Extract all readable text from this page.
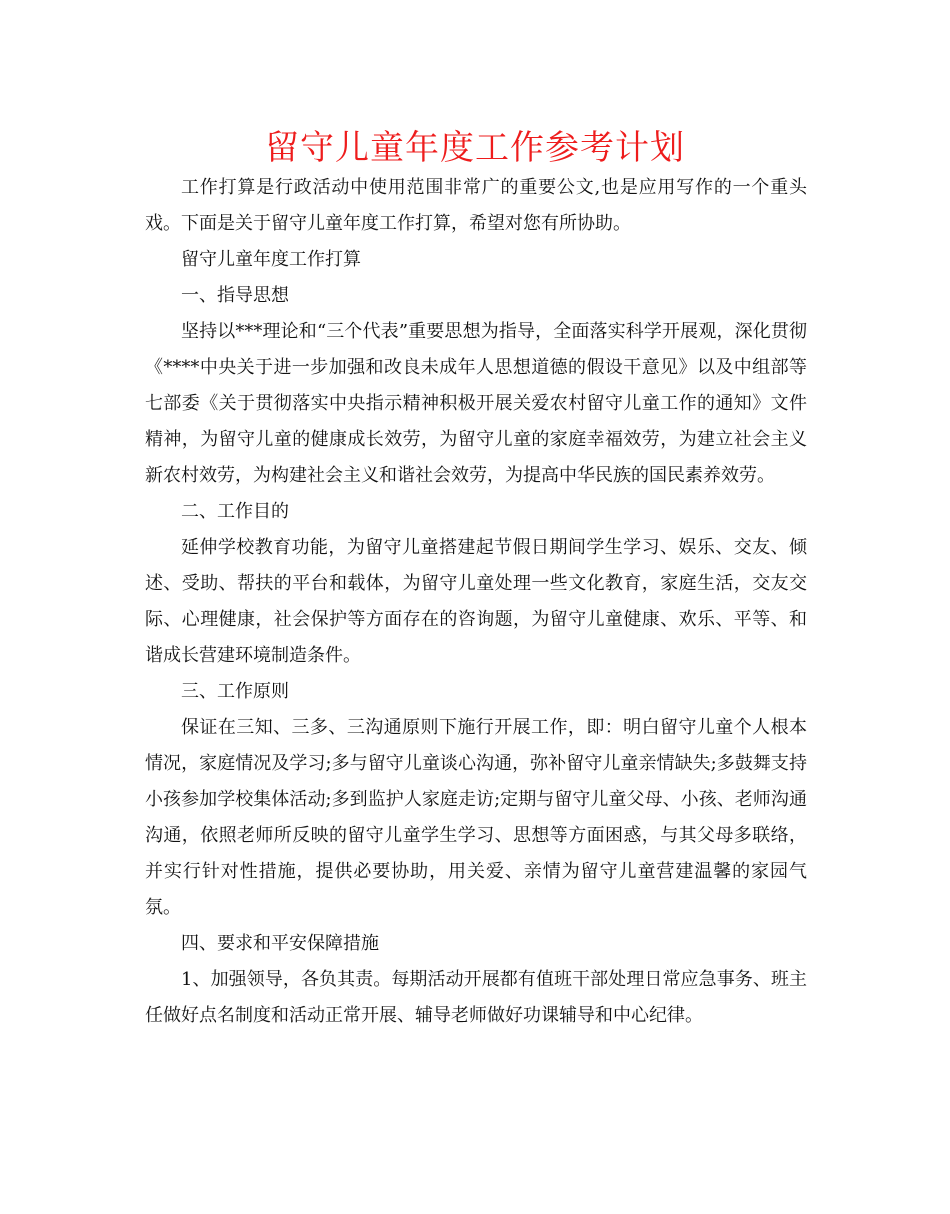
留守儿童年度工作参考计划

工作打算是行政活动中使用范围非常广的重要公文,也是应用写作的一个重头戏。下面是关于留守儿童年度工作打算，希望对您有所协助。

留守儿童年度工作打算

一、指导思想

坚持以***理论和“三个代表”重要思想为指导，全面落实科学开展观，深化贯彻《****中央关于进一步加强和改良未成年人思想道德的假设干意见》以及中组部等七部委《关于贯彻落实中央指示精神积极开展关爱农村留守儿童工作的通知》文件精神，为留守儿童的健康成长效劳，为留守儿童的家庭幸福效劳，为建立社会主义新农村效劳，为构建社会主义和谐社会效劳，为提高中华民族的国民素养效劳。

二、工作目的

延伸学校教育功能，为留守儿童搭建起节假日期间学生学习、娱乐、交友、倾述、受助、帮扶的平台和载体，为留守儿童处理一些文化教育，家庭生活，交友交际、心理健康，社会保护等方面存在的咨询题，为留守儿童健康、欢乐、平等、和谐成长营建环境制造条件。

三、工作原则

保证在三知、三多、三沟通原则下施行开展工作，即：明白留守儿童个人根本情况，家庭情况及学习;多与留守儿童谈心沟通，弥补留守儿童亲情缺失;多鼓舞支持小孩参加学校集体活动;多到监护人家庭走访;定期与留守儿童父母、小孩、老师沟通沟通，依照老师所反映的留守儿童学生学习、思想等方面困惑，与其父母多联络，并实行针对性措施，提供必要协助，用关爱、亲情为留守儿童营建温馨的家园气氛。

四、要求和平安保障措施

1、加强领导，各负其责。每期活动开展都有值班干部处理日常应急事务、班主任做好点名制度和活动正常开展、辅导老师做好功课辅导和中心纪律。
